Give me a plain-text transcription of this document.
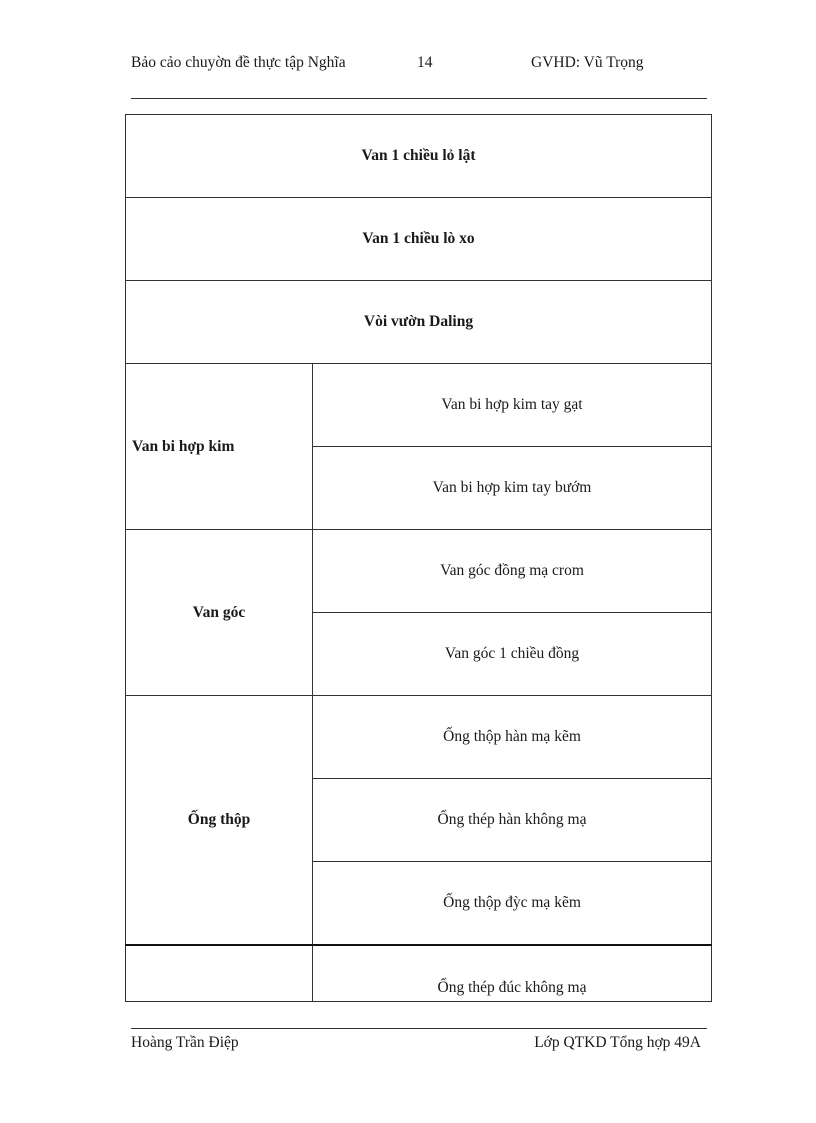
Bảo cảo chuyờn đề thực tập Nghĩa	14	GVHD: Vũ Trọng
Van 1 chiều lỏ lật	
Van 1 chiều lò xo	
Vòi vườn Daling	
Van bi hợp kim	Van bi hợp kim tay gạt
	Van bi hợp kim tay bướm
Van góc	Van góc đồng mạ crom
	Van góc 1 chiều đồng
Ống thộp	Ống thộp hàn mạ kẽm
	Ống thép hàn không mạ
	Ống thộp đỳc mạ kẽm
	Ống thép đúc không mạ
Hoàng Trần Điệp	Lớp QTKD Tổng hợp 49A
